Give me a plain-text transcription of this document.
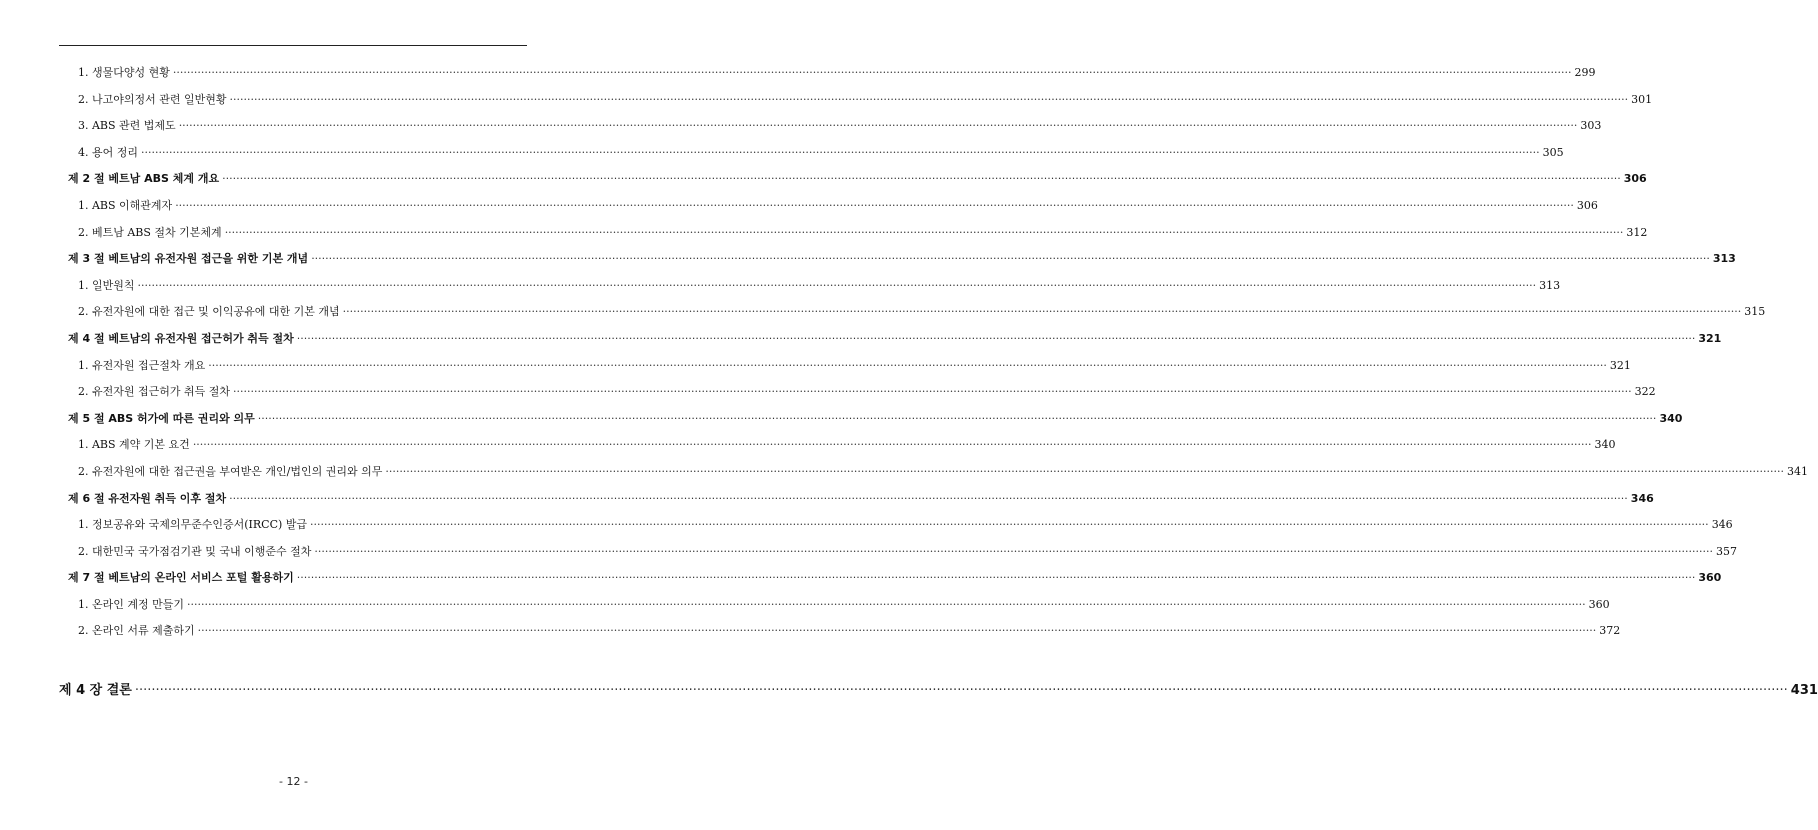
1. 생물다양성 현황 ················································································································································································································································································································································································································ 299
2. 나고야의정서 관련 일반현황 ················································································································································································································································································································································································································ 301
3. ABS 관련 법제도 ················································································································································································································································································································································································································ 303
4. 용어 정리 ················································································································································································································································································································································································································ 305
제 2 절 베트남 ABS 체계 개요 ················································································································································································································································································································································································································ 306
1. ABS 이해관계자 ················································································································································································································································································································································································································ 306
2. 베트남 ABS 절차 기본체계 ················································································································································································································································································································································································································ 312
제 3 절 베트남의 유전자원 접근을 위한 기본 개념 ················································································································································································································································································································································································································ 313
1. 일반원칙 ················································································································································································································································································································································································································ 313
2. 유전자원에 대한 접근 및 이익공유에 대한 기본 개념 ················································································································································································································································································································································································································ 315
제 4 절 베트남의 유전자원 접근허가 취득 절차 ················································································································································································································································································································································································································ 321
1. 유전자원 접근절차 개요 ················································································································································································································································································································································································································ 321
2. 유전자원 접근허가 취득 절차 ················································································································································································································································································································································································································ 322
제 5 절 ABS 허가에 따른 권리와 의무 ················································································································································································································································································································································································································ 340
1. ABS 계약 기본 요건 ················································································································································································································································································································································································································ 340
2. 유전자원에 대한 접근권을 부여받은 개인/법인의 권리와 의무 ················································································································································································································································································································································································································ 341
제 6 절 유전자원 취득 이후 절차 ················································································································································································································································································································································································································ 346
1. 정보공유와 국제의무준수인증서(IRCC) 발급 ················································································································································································································································································································································································································ 346
2. 대한민국 국가점검기관 및 국내 이행준수 절차 ················································································································································································································································································································································································································ 357
제 7 절 베트남의 온라인 서비스 포털 활용하기 ················································································································································································································································································································································································································ 360
1. 온라인 계정 만들기 ················································································································································································································································································································································································································ 360
2. 온라인 서류 제출하기 ················································································································································································································································································································································································································ 372
제 4 장 결론 ················································································································································································································································································································································································································ 431
- 12 -
